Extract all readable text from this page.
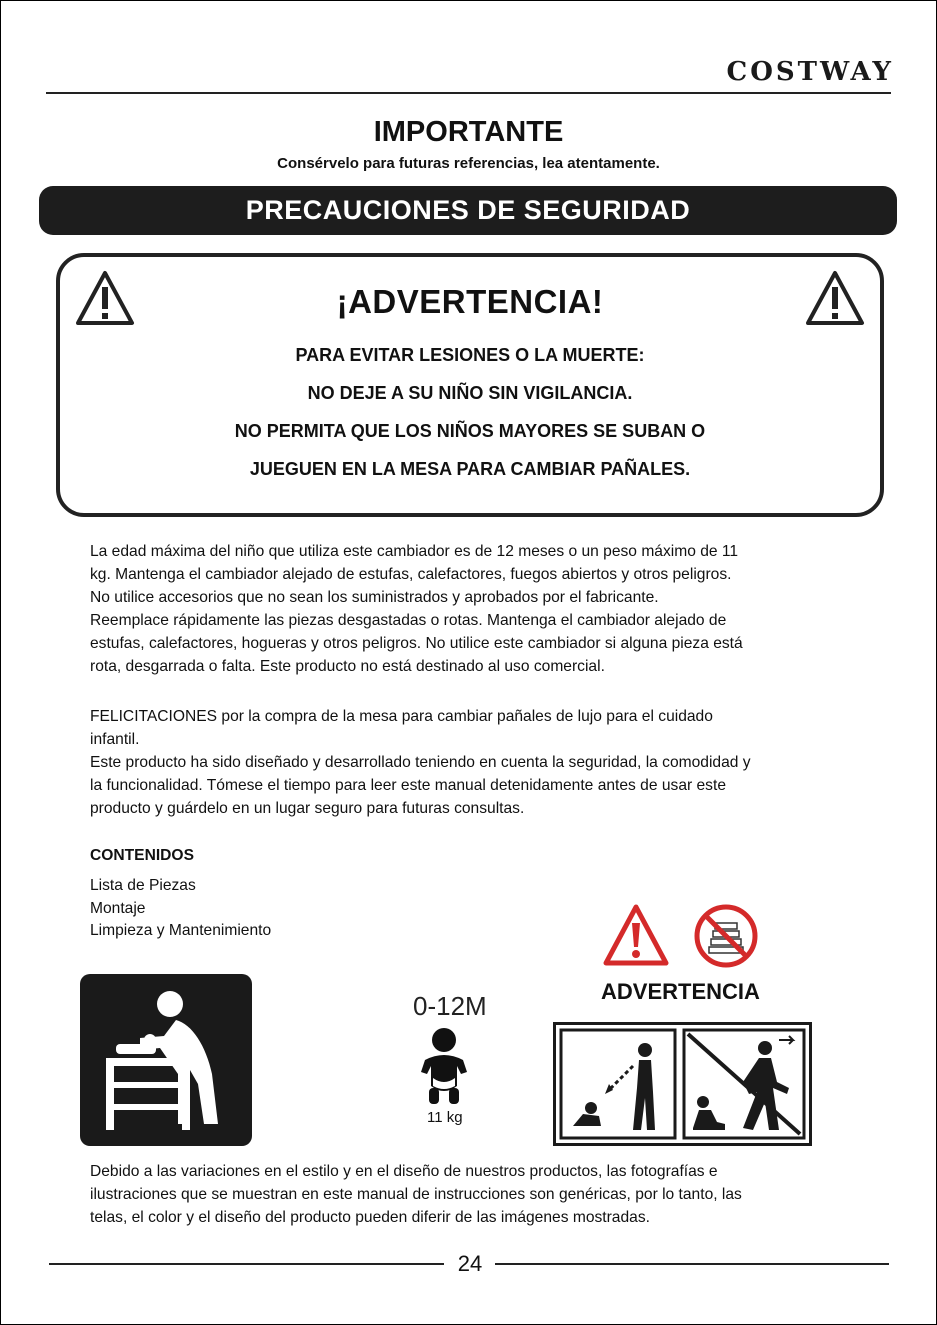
COSTWAY
IMPORTANTE
Consérvelo para futuras referencias, lea atentamente.
PRECAUCIONES DE SEGURIDAD
¡ADVERTENCIA!
PARA EVITAR LESIONES O LA MUERTE:
NO DEJE A SU NIÑO SIN VIGILANCIA.
NO PERMITA QUE LOS NIÑOS MAYORES SE SUBAN O
JUEGUEN EN LA MESA PARA CAMBIAR PAÑALES.
La edad máxima del niño que utiliza este cambiador es de 12 meses o un peso máximo de 11
kg. Mantenga el cambiador alejado de estufas, calefactores, fuegos abiertos y otros peligros.
No utilice accesorios que no sean los suministrados y aprobados por el fabricante.
Reemplace rápidamente las piezas desgastadas o rotas. Mantenga el cambiador alejado de
estufas, calefactores, hogueras y otros peligros. No utilice este cambiador si alguna pieza está
rota, desgarrada o falta. Este producto no está destinado al uso comercial.
FELICITACIONES por la compra de la mesa para cambiar pañales de lujo para el cuidado
infantil.
Este producto ha sido diseñado y desarrollado teniendo en cuenta la seguridad, la comodidad y
la funcionalidad. Tómese el tiempo para leer este manual detenidamente antes de usar este
producto y guárdelo en un lugar seguro para futuras consultas.
CONTENIDOS
Lista de Piezas
Montaje
Limpieza y Mantenimiento
0-12M
11 kg
ADVERTENCIA
Debido a las variaciones en el estilo y en el diseño de nuestros productos, las fotografías e
ilustraciones que se muestran en este manual de instrucciones son genéricas, por lo tanto, las
telas, el color y el diseño del producto pueden diferir de las imágenes mostradas.
24
